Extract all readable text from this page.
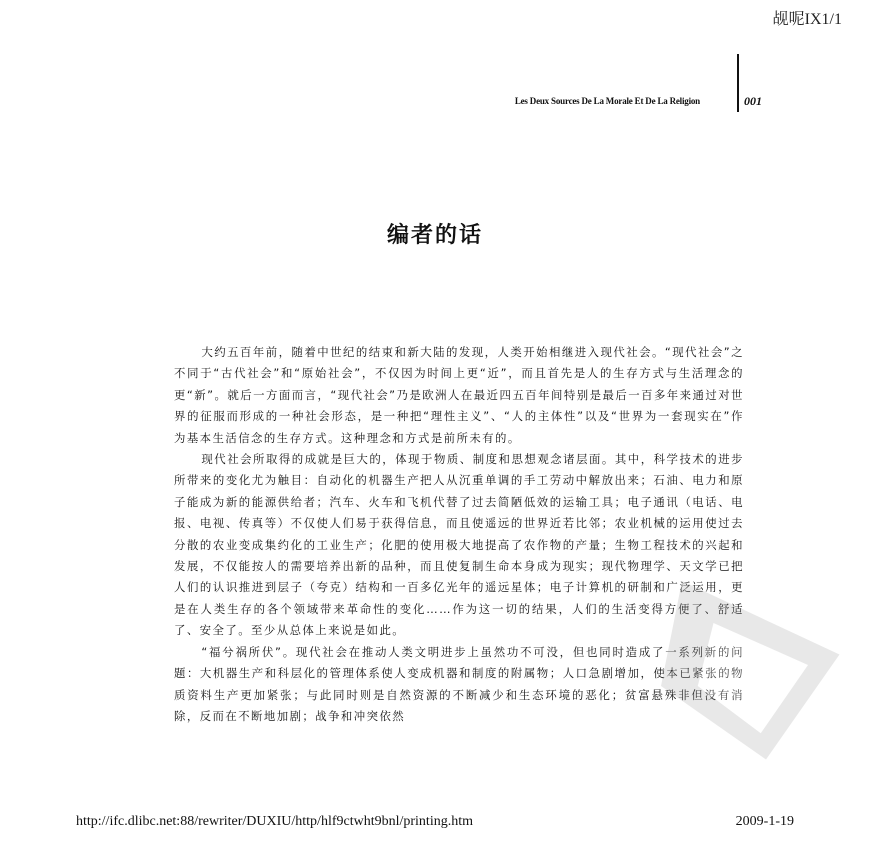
觇呢IX1/1
Les Deux Sources De La Morale Et De La Religion	001
编者的话

大约五百年前，随着中世纪的结束和新大陆的发现，人类开始相继进入现代社会。“现代社会”之不同于“古代社会”和“原始社会”，不仅因为时间上更“近”，而且首先是人的生存方式与生活理念的更“新”。就后一方面而言，“现代社会”乃是欧洲人在最近四五百年间特别是最后一百多年来通过对世界的征服而形成的一种社会形态，是一种把“理性主义”、“人的主体性”以及“世界为一套现实在”作为基本生活信念的生存方式。这种理念和方式是前所未有的。

现代社会所取得的成就是巨大的，体现于物质、制度和思想观念诸层面。其中，科学技术的进步所带来的变化尤为触目：自动化的机器生产把人从沉重单调的手工劳动中解放出来；石油、电力和原子能成为新的能源供给者；汽车、火车和飞机代替了过去简陋低效的运输工具；电子通讯（电话、电报、电视、传真等）不仅使人们易于获得信息，而且使遥远的世界近若比邻；农业机械的运用使过去分散的农业变成集约化的工业生产；化肥的使用极大地提高了农作物的产量；生物工程技术的兴起和发展，不仅能按人的需要培养出新的品种，而且使复制生命本身成为现实；现代物理学、天文学已把人们的认识推进到层子（夸克）结构和一百多亿光年的遥远星体；电子计算机的研制和广泛运用，更是在人类生存的各个领域带来革命性的变化……作为这一切的结果，人们的生活变得方便了、舒适了、安全了。至少从总体上来说是如此。

“福兮祸所伏”。现代社会在推动人类文明进步上虽然功不可没，但也同时造成了一系列新的问题：大机器生产和科层化的管理体系使人变成机器和制度的附属物；人口急剧增加，使本已紧张的物质资料生产更加紧张；与此同时则是自然资源的不断减少和生态环境的恶化；贫富悬殊非但没有消除，反而在不断地加剧；战争和冲突依然

http://ifc.dlibc.net:88/rewriter/DUXIU/http/hlf9ctwht9bnl/printing.htm	2009-1-19
